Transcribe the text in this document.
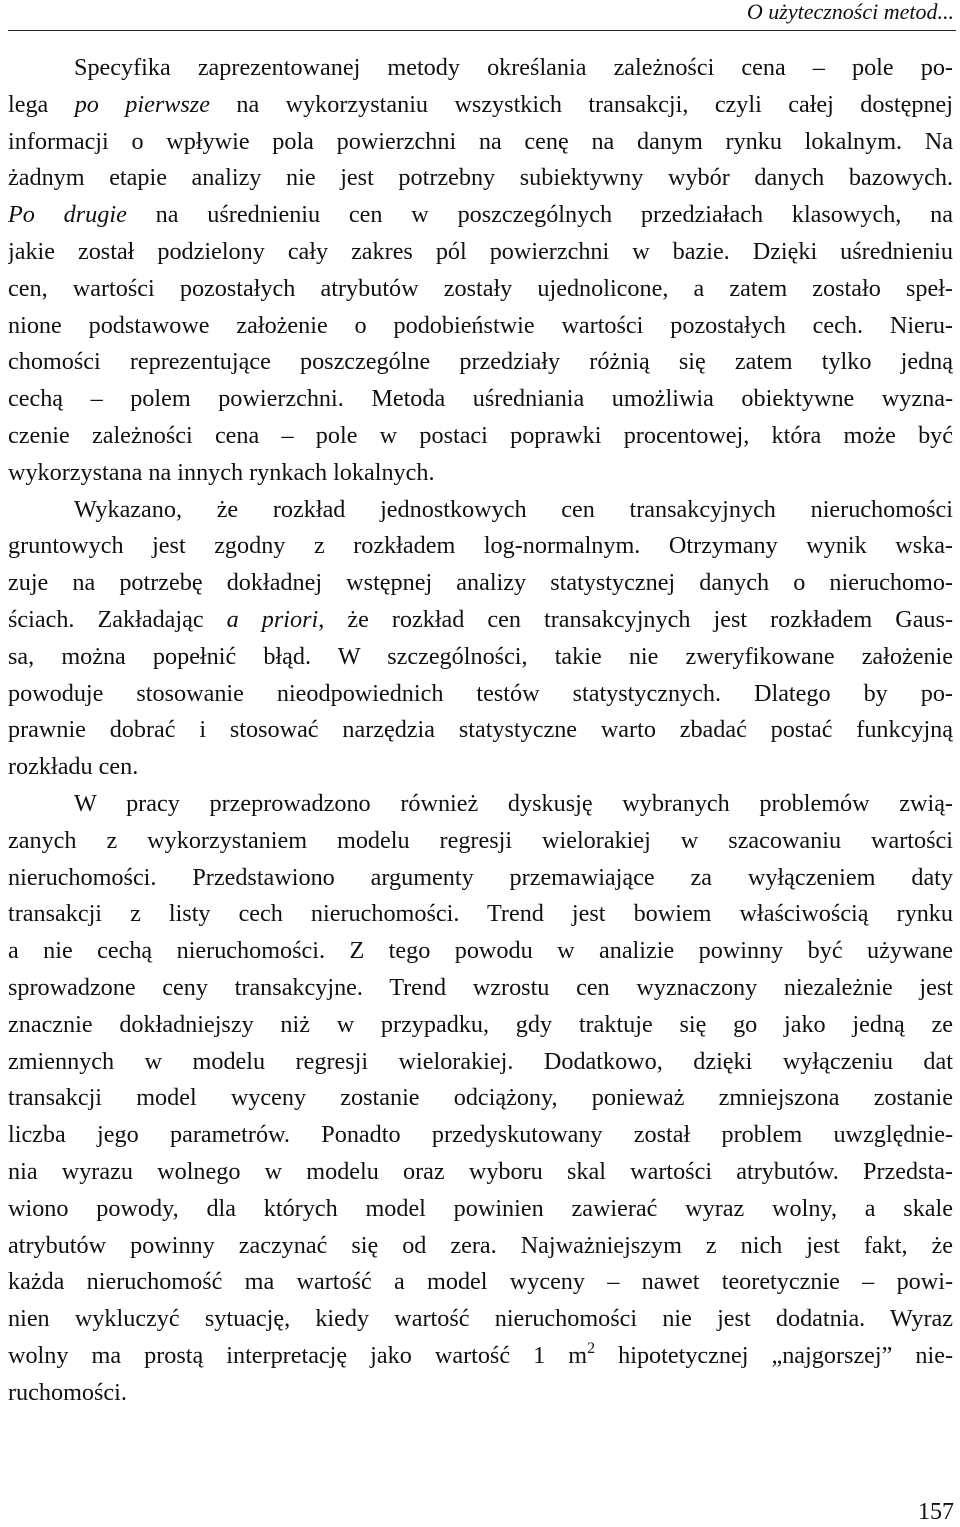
O użyteczności metod...
Specyfika zaprezentowanej metody określania zależności cena – pole po-
lega po pierwsze na wykorzystaniu wszystkich transakcji, czyli całej dostępnej
informacji o wpływie pola powierzchni na cenę na danym rynku lokalnym. Na
żadnym etapie analizy nie jest potrzebny subiektywny wybór danych bazowych.
Po drugie na uśrednieniu cen w poszczególnych przedziałach klasowych, na
jakie został podzielony cały zakres pól powierzchni w bazie. Dzięki uśrednieniu
cen, wartości pozostałych atrybutów zostały ujednolicone, a zatem zostało speł-
nione podstawowe założenie o podobieństwie wartości pozostałych cech. Nieru-
chomości reprezentujące poszczególne przedziały różnią się zatem tylko jedną
cechą – polem powierzchni. Metoda uśredniania umożliwia obiektywne wyzna-
czenie zależności cena – pole w postaci poprawki procentowej, która może być
wykorzystana na innych rynkach lokalnych.
Wykazano, że rozkład jednostkowych cen transakcyjnych nieruchomości
gruntowych jest zgodny z rozkładem log-normalnym. Otrzymany wynik wska-
zuje na potrzebę dokładnej wstępnej analizy statystycznej danych o nieruchomo-
ściach. Zakładając a priori, że rozkład cen transakcyjnych jest rozkładem Gaus-
sa, można popełnić błąd. W szczególności, takie nie zweryfikowane założenie
powoduje stosowanie nieodpowiednich testów statystycznych. Dlatego by po-
prawnie dobrać i stosować narzędzia statystyczne warto zbadać postać funkcyjną
rozkładu cen.
W pracy przeprowadzono również dyskusję wybranych problemów zwią-
zanych z wykorzystaniem modelu regresji wielorakiej w szacowaniu wartości
nieruchomości. Przedstawiono argumenty przemawiające za wyłączeniem daty
transakcji z listy cech nieruchomości. Trend jest bowiem właściwością rynku
a nie cechą nieruchomości. Z tego powodu w analizie powinny być używane
sprowadzone ceny transakcyjne. Trend wzrostu cen wyznaczony niezależnie jest
znacznie dokładniejszy niż w przypadku, gdy traktuje się go jako jedną ze
zmiennych w modelu regresji wielorakiej. Dodatkowo, dzięki wyłączeniu dat
transakcji model wyceny zostanie odciążony, ponieważ zmniejszona zostanie
liczba jego parametrów. Ponadto przedyskutowany został problem uwzględnie-
nia wyrazu wolnego w modelu oraz wyboru skal wartości atrybutów. Przedsta-
wiono powody, dla których model powinien zawierać wyraz wolny, a skale
atrybutów powinny zaczynać się od zera. Najważniejszym z nich jest fakt, że
każda nieruchomość ma wartość a model wyceny – nawet teoretycznie – powi-
nien wykluczyć sytuację, kiedy wartość nieruchomości nie jest dodatnia. Wyraz
wolny ma prostą interpretację jako wartość 1 $m^2$ hipotetycznej „najgorszej” nie-
ruchomości.
157
